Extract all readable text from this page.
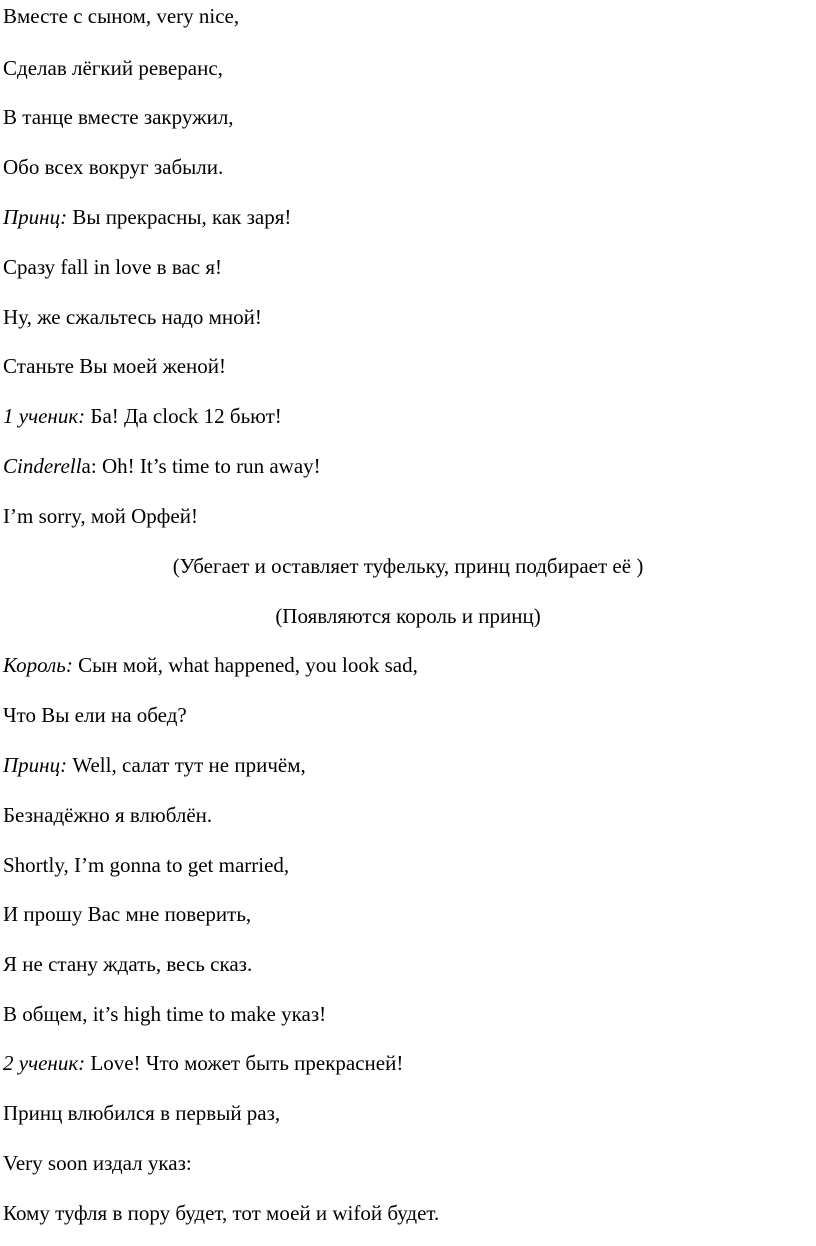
Вместе с сыном, very nice,

Сделав лёгкий реверанс,

В танце вместе закружил,

Обо всех вокруг забыли.

Принц: Вы прекрасны, как заря!

Сразу fall in love в вас я!

Ну, же сжальтесь надо мной!

Станьте Вы моей женой!

1 ученик: Ба! Да clock 12 бьют!

Cinderella: Oh! It’s time to run away!

I’m sorry, мой Орфей!

(Убегает и оставляет туфельку, принц подбирает её )

(Появляются король и принц)

Король: Сын мой, what happened, you look sad,

Что Вы ели на обед?

Принц: Well, салат тут не причём,

Безнадёжно я влюблён.

Shortly, I’m gonna to get married,

И прошу Вас мне поверить,

Я не стану ждать, весь сказ.

В общем, it’s high time to make указ!

2 ученик: Love! Что может быть прекрасней!

Принц влюбился в первый раз,

Very soon издал указ:

Кому туфля в пору будет, тот моей и wifoй будет.
